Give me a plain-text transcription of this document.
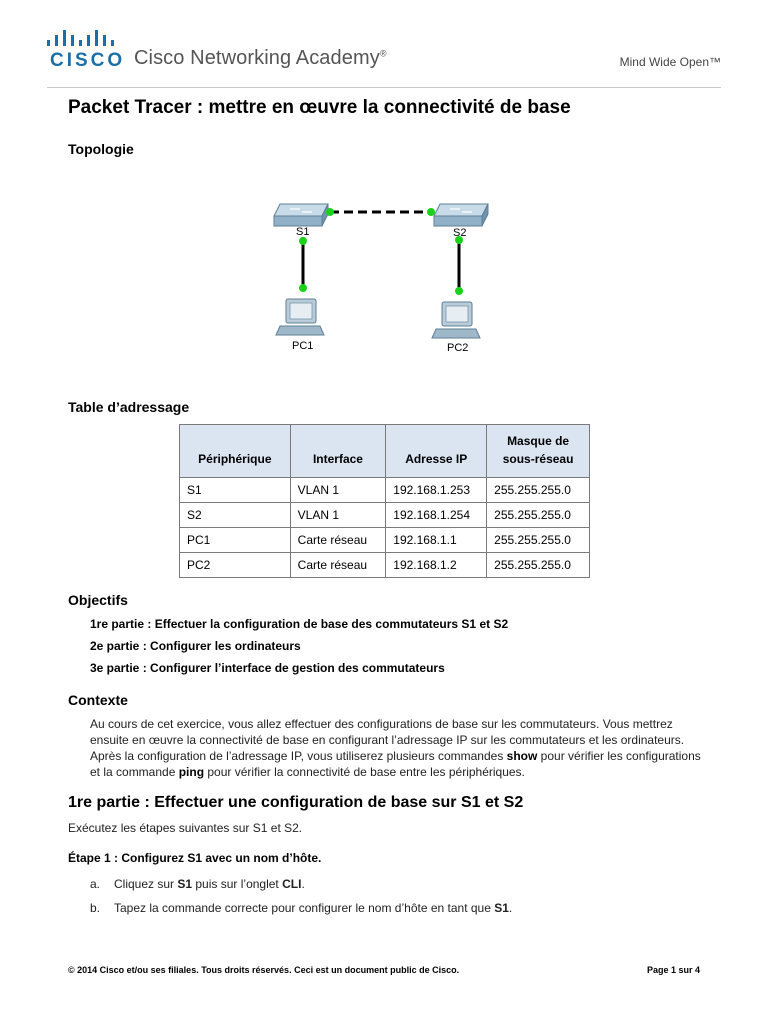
CISCO Cisco Networking Academy®
Mind Wide Open™
Packet Tracer : mettre en œuvre la connectivité de base
Topologie
S1	S2
PC1	PC2
Table d’adressage
Périphérique	Interface	Adresse IP	Masque de
sous-réseau
S1	VLAN 1	192.168.1.253	255.255.255.0
S2	VLAN 1	192.168.1.254	255.255.255.0
PC1	Carte réseau	192.168.1.1	255.255.255.0
PC2	Carte réseau	192.168.1.2	255.255.255.0
Objectifs
1re partie : Effectuer la configuration de base des commutateurs S1 et S2
2e partie : Configurer les ordinateurs
3e partie : Configurer l’interface de gestion des commutateurs
Contexte
Au cours de cet exercice, vous allez effectuer des configurations de base sur les commutateurs. Vous mettrez ensuite en œuvre la connectivité de base en configurant l’adressage IP sur les commutateurs et les ordinateurs. Après la configuration de l’adressage IP, vous utiliserez plusieurs commandes show pour vérifier les configurations et la commande ping pour vérifier la connectivité de base entre les périphériques.
1re partie : Effectuer une configuration de base sur S1 et S2
Exécutez les étapes suivantes sur S1 et S2.
Étape 1 : Configurez S1 avec un nom d’hôte.
a. Cliquez sur S1 puis sur l’onglet CLI.
b. Tapez la commande correcte pour configurer le nom d’hôte en tant que S1.
© 2014 Cisco et/ou ses filiales. Tous droits réservés. Ceci est un document public de Cisco.	Page 1 sur 4
